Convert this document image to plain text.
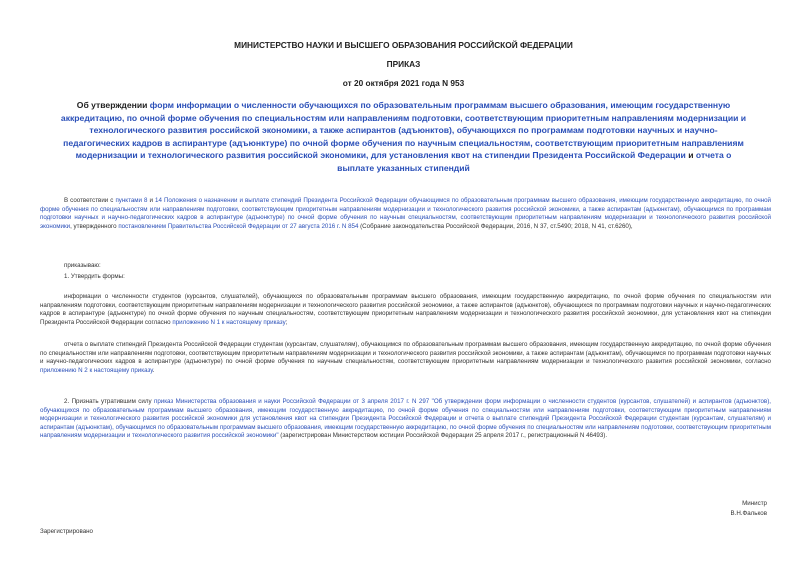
МИНИСТЕРСТВО НАУКИ И ВЫСШЕГО ОБРАЗОВАНИЯ РОССИЙСКОЙ ФЕДЕРАЦИИ
ПРИКАЗ
от 20 октября 2021 года N 953
Об утверждении форм информации о численности обучающихся по образовательным программам высшего образования, имеющим государственную аккредитацию, по очной форме обучения по специальностям или направлениям подготовки, соответствующим приоритетным направлениям модернизации и технологического развития российской экономики, а также аспирантов (адъюнктов), обучающихся по программам подготовки научных и научно-педагогических кадров в аспирантуре (адъюнктуре) по очной форме обучения по научным специальностям, соответствующим приоритетным направлениям модернизации и технологического развития российской экономики, для установления квот на стипендии Президента Российской Федерации и отчета о выплате указанных стипендий
В соответствии с пунктами 8 и 14 Положения о назначении и выплате стипендий Президента Российской Федерации обучающимся по образовательным программам высшего образования, имеющим государственную аккредитацию, по очной форме обучения по специальностям или направлениям подготовки, соответствующим приоритетным направлениям модернизации и технологического развития российской экономики, а также аспирантам (адъюнктам), обучающимся по программам подготовки научных и научно-педагогических кадров в аспирантуре (адъюнктуре) по очной форме обучения по научным специальностям, соответствующим приоритетным направлениям модернизации и технологического развития российской экономики, утвержденного постановлением Правительства Российской Федерации от 27 августа 2016 г. N 854 (Собрание законодательства Российской Федерации, 2016, N 37, ст.5490; 2018, N 41, ст.6260),
приказываю:
1. Утвердить формы:
информации о численности студентов (курсантов, слушателей), обучающихся по образовательным программам высшего образования, имеющим государственную аккредитацию, по очной форме обучения по специальностям или направлениям подготовки, соответствующим приоритетным направлениям модернизации и технологического развития российской экономики, а также аспирантов (адъюнктов), обучающихся по программам подготовки научных и научно-педагогических кадров в аспирантуре (адъюнктуре) по очной форме обучения по научным специальностям, соответствующим приоритетным направлениям модернизации и технологического развития российской экономики, для установления квот на стипендии Президента Российской Федерации согласно приложению N 1 к настоящему приказу;
отчета о выплате стипендий Президента Российской Федерации студентам (курсантам, слушателям), обучающимся по образовательным программам высшего образования, имеющим государственную аккредитацию, по очной форме обучения по специальностям или направлениям подготовки, соответствующим приоритетным направлениям модернизации и технологического развития российской экономики, а также аспирантам (адъюнктам), обучающимся по программам подготовки научных и научно-педагогических кадров в аспирантуре (адъюнктуре) по очной форме обучения по научным специальностям, соответствующим приоритетным направлениям модернизации и технологического развития российской экономики, согласно приложению N 2 к настоящему приказу.
2. Признать утратившим силу приказ Министерства образования и науки Российской Федерации от 3 апреля 2017 г. N 297 "Об утверждении форм информации о численности студентов (курсантов, слушателей) и аспирантов (адъюнктов), обучающихся по образовательным программам высшего образования, имеющим государственную аккредитацию, по очной форме обучения по специальностям или направлениям подготовки, соответствующим приоритетным направлениям модернизации и технологического развития российской экономики для установления квот на стипендии Президента Российской Федерации и отчета о выплате стипендий Президента Российской Федерации студентам (курсантам, слушателям) и аспирантам (адъюнктам), обучающимся по образовательным программам высшего образования, имеющим государственную аккредитацию, по очной форме обучения по специальностям или направлениям подготовки, соответствующим приоритетным направлениям модернизации и технологического развития российской экономики" (зарегистрирован Министерством юстиции Российской Федерации 25 апреля 2017 г., регистрационный N 46493).
Министр
В.Н.Фальков
Зарегистрировано
